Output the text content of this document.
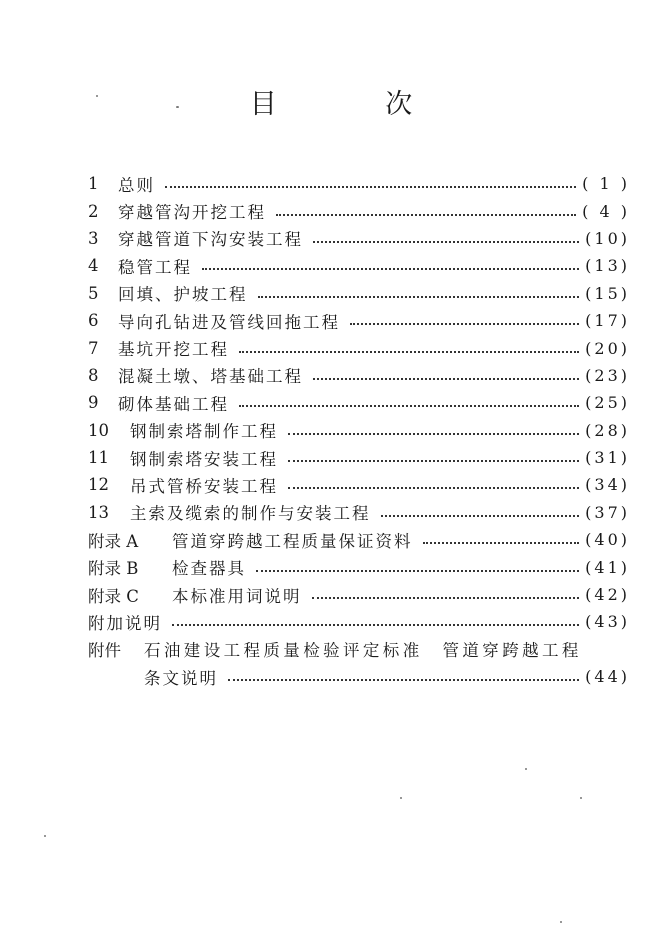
目 次
1	总则	( 1 )
2	穿越管沟开挖工程	( 4 )
3	穿越管道下沟安装工程	(10)
4	稳管工程	(13)
5	回填、护坡工程	(15)
6	导向孔钻进及管线回拖工程	(17)
7	基坑开挖工程	(20)
8	混凝土墩、塔基础工程	(23)
9	砌体基础工程	(25)
10	钢制索塔制作工程	(28)
11	钢制索塔安装工程	(31)
12	吊式管桥安装工程	(34)
13	主索及缆索的制作与安装工程	(37)
附录 A	管道穿跨越工程质量保证资料	(40)
附录 B	检查器具	(41)
附录 C	本标准用词说明	(42)
附加说明	(43)
附件	石油建设工程质量检验评定标准　管道穿跨越工程
条文说明	(44)
